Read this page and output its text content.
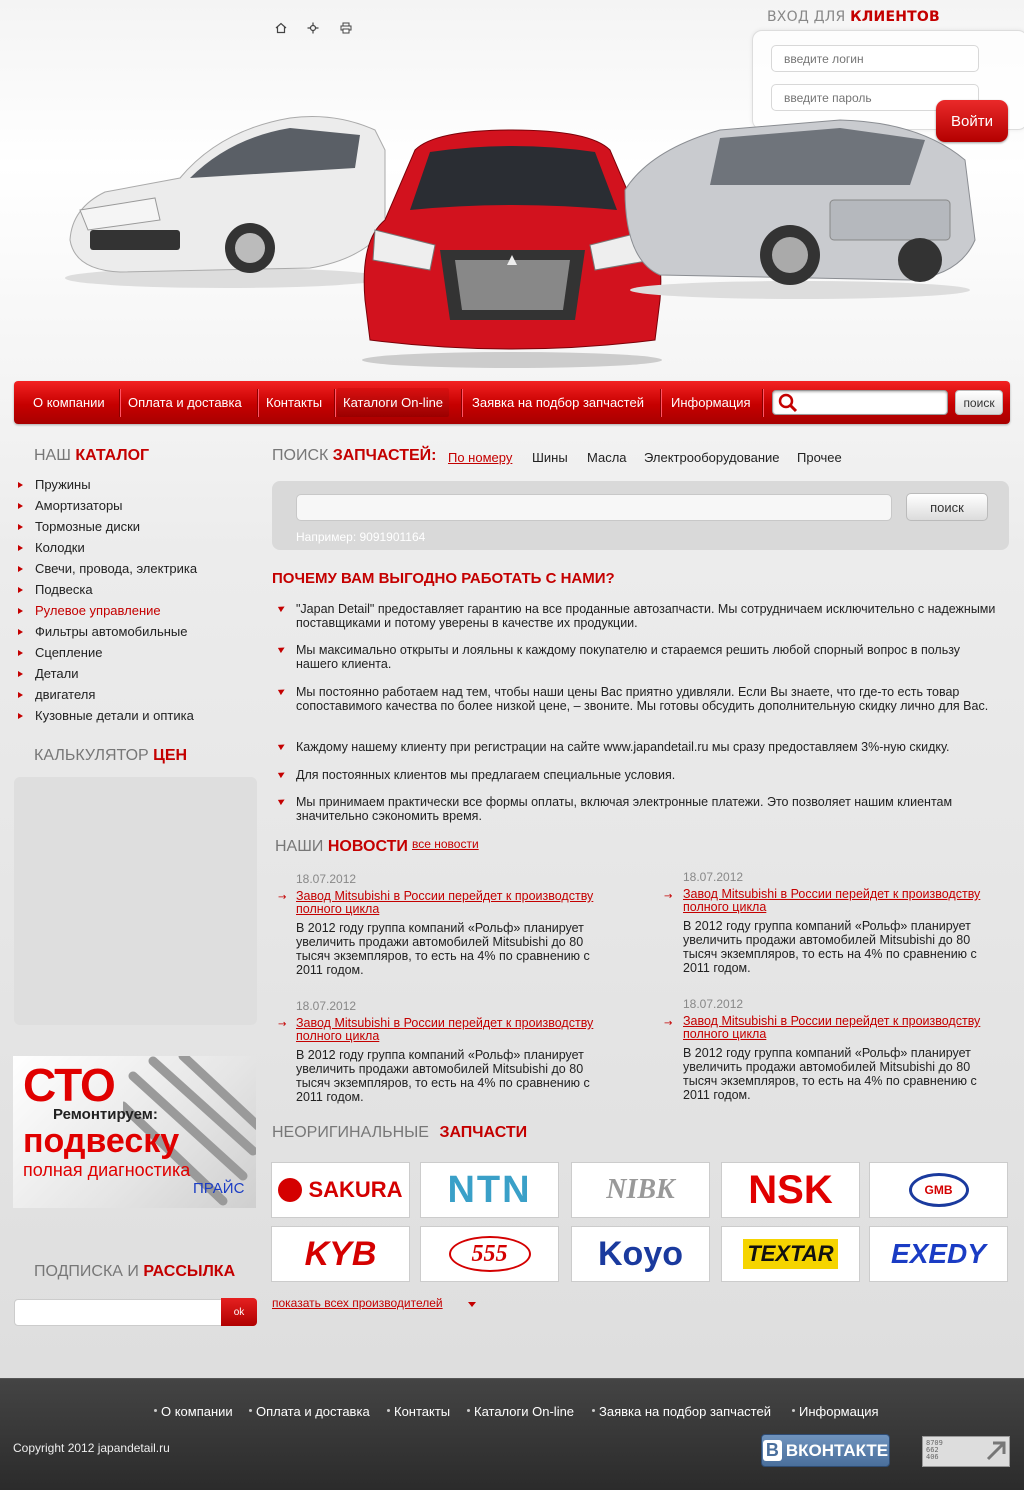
ВХОД ДЛЯ КЛИЕНТОВ
введите логин
Войти
О компании Оплата и доставка Контакты	Каталоги On-line	Заявка на подбор запчастей Информация	поиск
НАШ КАТАЛОГ
Пружины
Амортизаторы
Тормозные диски
Колодки
Свечи, провода, электрика
Подвеска
Рулевое управление
Фильтры автомобильные
Сцепление
Детали
двигателя
Кузовные детали и оптика
КАЛЬКУЛЯТОР ЦЕН
СТО
Ремонтируем:
подвеску
полная диагностика
ПРАЙС
ПОДПИСКА И РАССЫЛКА
ok
ПОИСК ЗАПЧАСТЕЙ: По номеру Шины Масла Электрооборудование Прочее
поиск
Например: 9091901164
ПОЧЕМУ ВАМ ВЫГОДНО РАБОТАТЬ С НАМИ?
"Japan Detail" предоставляет гарантию на все проданные автозапчасти. Мы сотрудничаем исключительно с надежными поставщиками и потому уверены в качестве их продукции.
Мы максимально открыты и лояльны к каждому покупателю и стараемся решить любой спорный вопрос в пользу нашего клиента.
Мы постоянно работаем над тем, чтобы наши цены Вас приятно удивляли. Если Вы знаете, что где-то есть товар сопоставимого качества по более низкой цене, – звоните. Мы готовы обсудить дополнительную скидку лично для Вас.
Каждому нашему клиенту при регистрации на сайте www.japandetail.ru мы сразу предоставляем 3%-ную скидку.
Для постоянных клиентов мы предлагаем специальные условия.
Мы принимаем практически все формы оплаты, включая электронные платежи. Это позволяет нашим клиентам значительно сэкономить время.
НАШИ НОВОСТИ все новости
18.07.2012
→ Завод Mitsubishi в России перейдет к производству полного цикла
В 2012 году группа компаний «Рольф» планирует увеличить продажи автомобилей Mitsubishi до 80 тысяч экземпляров, то есть на 4% по сравнению с 2011 годом.
18.07.2012
→ Завод Mitsubishi в России перейдет к производству полного цикла
В 2012 году группа компаний «Рольф» планирует увеличить продажи автомобилей Mitsubishi до 80 тысяч экземпляров, то есть на 4% по сравнению с 2011 годом.
18.07.2012
→ Завод Mitsubishi в России перейдет к производству полного цикла
В 2012 году группа компаний «Рольф» планирует увеличить продажи автомобилей Mitsubishi до 80 тысяч экземпляров, то есть на 4% по сравнению с 2011 годом.
18.07.2012
→ Завод Mitsubishi в России перейдет к производству полного цикла
В 2012 году группа компаний «Рольф» планирует увеличить продажи автомобилей Mitsubishi до 80 тысяч экземпляров, то есть на 4% по сравнению с 2011 годом.
НЕОРИГИНАЛЬНЫЕ ЗАПЧАСТИ
SAKURA NTN	NIBK NSK	GMB
KYB	555	Koyo	TEXTAR EXEDY
показать всех производителей
О компании Оплата и доставка Контакты Каталоги On-line Заявка на подбор запчастей Информация
Copyright 2012 japandetail.ru	В ВКОНТАКТЕ	8709
662
406
